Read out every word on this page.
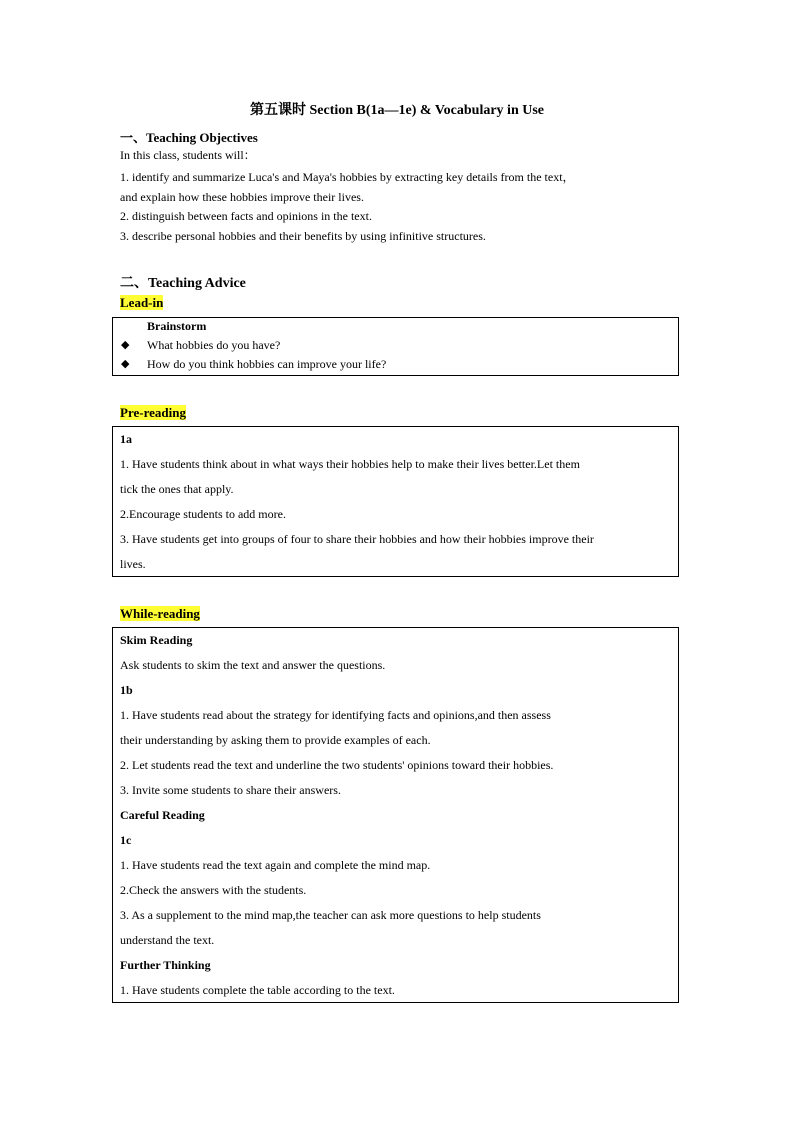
第五课时 Section B(1a—1e) & Vocabulary in Use
一、Teaching Objectives
In this class, students will：
1. identify and summarize Luca's and Maya's hobbies by extracting key details from the text，
and explain how these hobbies improve their lives.
2. distinguish between facts and opinions in the text.
3. describe personal hobbies and their benefits by using infinitive structures.
二、Teaching Advice
Lead-in
Brainstorm
◆ What hobbies do you have?
◆ How do you think hobbies can improve your life?
Pre-reading
1a
1. Have students think about in what ways their hobbies help to make their lives better.Let them
tick the ones that apply.
2.Encourage students to add more.
3. Have students get into groups of four to share their hobbies and how their hobbies improve their
lives.
While-reading
Skim Reading
Ask students to skim the text and answer the questions.
1b
1. Have students read about the strategy for identifying facts and opinions,and then assess
their understanding by asking them to provide examples of each.
2. Let students read the text and underline the two students' opinions toward their hobbies.
3. Invite some students to share their answers.
Careful Reading
1c
1. Have students read the text again and complete the mind map.
2.Check the answers with the students.
3. As a supplement to the mind map,the teacher can ask more questions to help students
understand the text.
Further Thinking
1. Have students complete the table according to the text.
